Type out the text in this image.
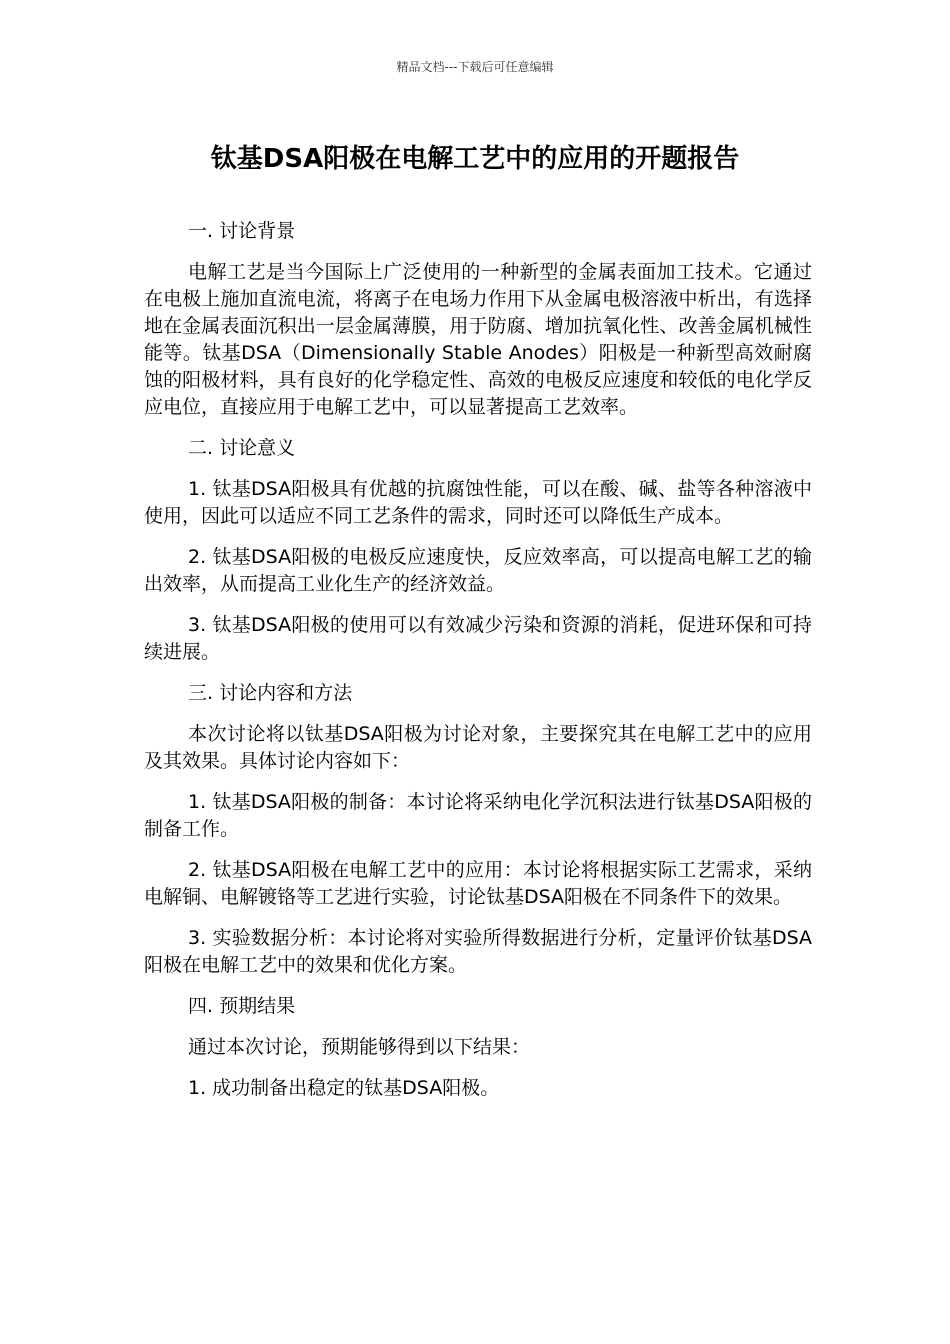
精品文档---下载后可任意编辑
钛基DSA阳极在电解工艺中的应用的开题报告

一. 讨论背景

电解工艺是当今国际上广泛使用的一种新型的金属表面加工技术。它通过在电极上施加直流电流，将离子在电场力作用下从金属电极溶液中析出，有选择地在金属表面沉积出一层金属薄膜，用于防腐、增加抗氧化性、改善金属机械性能等。钛基DSA（Dimensionally Stable Anodes）阳极是一种新型高效耐腐蚀的阳极材料，具有良好的化学稳定性、高效的电极反应速度和较低的电化学反应电位，直接应用于电解工艺中，可以显著提高工艺效率。

二. 讨论意义

1. 钛基DSA阳极具有优越的抗腐蚀性能，可以在酸、碱、盐等各种溶液中使用，因此可以适应不同工艺条件的需求，同时还可以降低生产成本。

2. 钛基DSA阳极的电极反应速度快，反应效率高，可以提高电解工艺的输出效率，从而提高工业化生产的经济效益。

3. 钛基DSA阳极的使用可以有效减少污染和资源的消耗，促进环保和可持续进展。

三. 讨论内容和方法

本次讨论将以钛基DSA阳极为讨论对象，主要探究其在电解工艺中的应用及其效果。具体讨论内容如下：

1. 钛基DSA阳极的制备：本讨论将采纳电化学沉积法进行钛基DSA阳极的制备工作。

2. 钛基DSA阳极在电解工艺中的应用：本讨论将根据实际工艺需求，采纳电解铜、电解镀铬等工艺进行实验，讨论钛基DSA阳极在不同条件下的效果。

3. 实验数据分析：本讨论将对实验所得数据进行分析，定量评价钛基DSA阳极在电解工艺中的效果和优化方案。

四. 预期结果

通过本次讨论，预期能够得到以下结果：

1. 成功制备出稳定的钛基DSA阳极。
